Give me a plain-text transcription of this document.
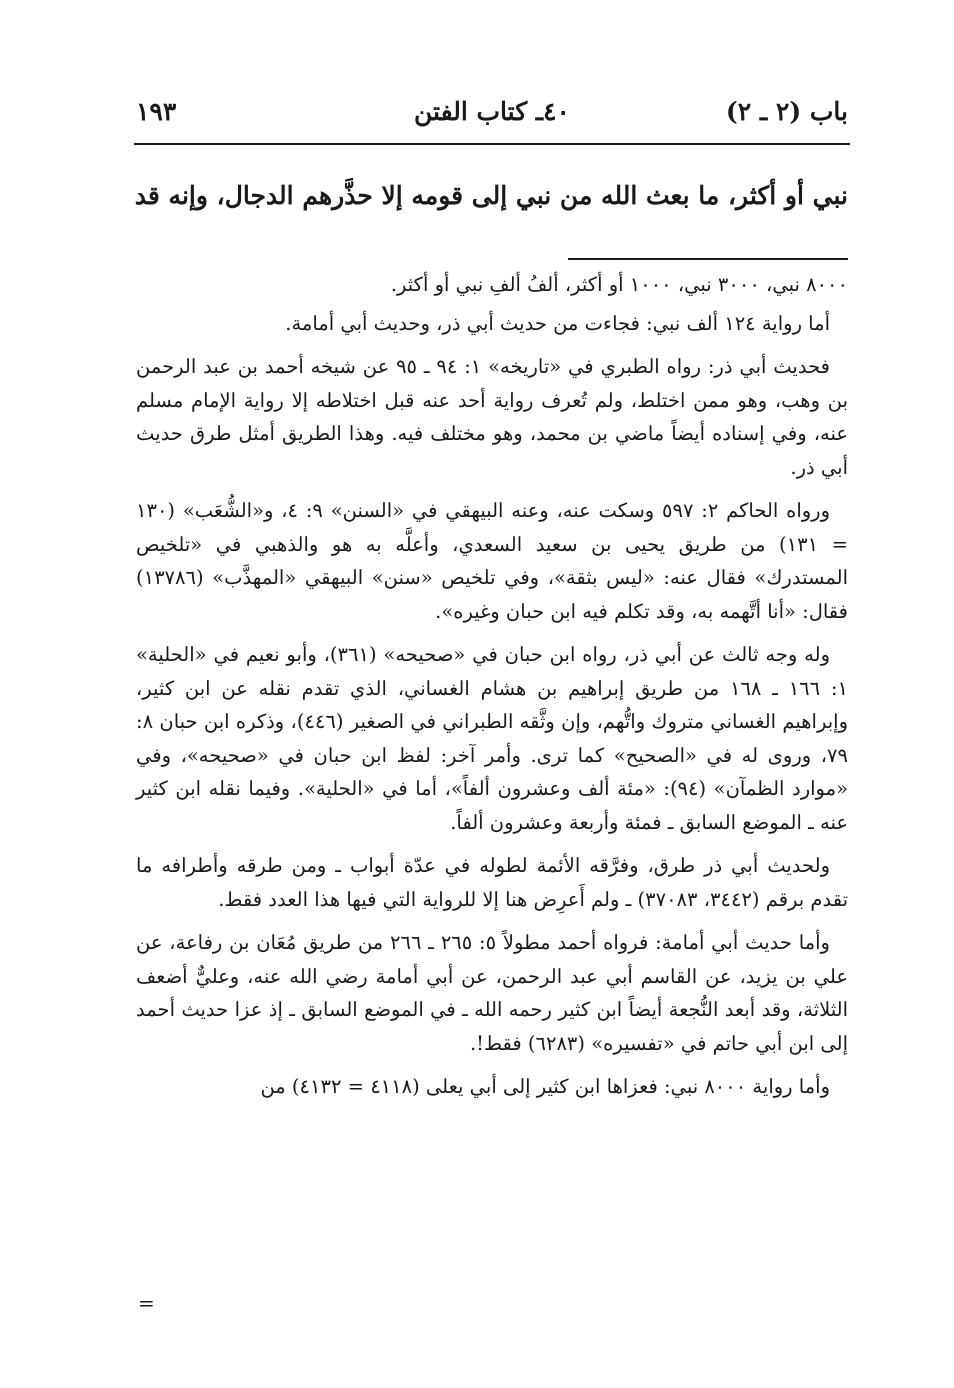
باب (٢ ـ ٢)
٤٠ـ كتاب الفتن
١٩٣
نبي أو أكثر، ما بعث الله من نبي إلى قومه إلا حذَّرهم الدجال، وإنه قد

٨٠٠٠ نبي، ٣٠٠٠ نبي، ١٠٠٠ أو أكثر، ألفُ ألفِ نبي أو أكثر.

أما رواية ١٢٤ ألف نبي: فجاءت من حديث أبي ذر، وحديث أبي أمامة.

فحديث أبي ذر: رواه الطبري في «تاريخه» ١: ٩٤ ـ ٩٥ عن شيخه أحمد بن عبد الرحمن بن وهب، وهو ممن اختلط، ولم تُعرف رواية أحد عنه قبل اختلاطه إلا رواية الإمام مسلم عنه، وفي إسناده أيضاً ماضي بن محمد، وهو مختلف فيه. وهذا الطريق أمثل طرق حديث أبي ذر.

ورواه الحاكم ٢: ٥٩٧ وسكت عنه، وعنه البيهقي في «السنن» ٩: ٤، و«الشُّعَب» (١٣٠ = ١٣١) من طريق يحيى بن سعيد السعدي، وأعلَّه به هو والذهبي في «تلخيص المستدرك» فقال عنه: «ليس بثقة»، وفي تلخيص «سنن» البيهقي «المهذَّب» (١٣٧٨٦) فقال: «أنا أتَّهمه به، وقد تكلم فيه ابن حبان وغيره».

وله وجه ثالث عن أبي ذر، رواه ابن حبان في «صحيحه» (٣٦١)، وأبو نعيم في «الحلية» ١: ١٦٦ ـ ١٦٨ من طريق إبراهيم بن هشام الغساني، الذي تقدم نقله عن ابن كثير، وإبراهيم الغساني متروك واتُّهم، وإن وثَّقه الطبراني في الصغير (٤٤٦)، وذكره ابن حبان ٨: ٧٩، وروى له في «الصحيح» كما ترى. وأمر آخر: لفظ ابن حبان في «صحيحه»، وفي «موارد الظمآن» (٩٤): «مئة ألف وعشرون ألفاً»، أما في «الحلية». وفيما نقله ابن كثير عنه ـ الموضع السابق ـ فمئة وأربعة وعشرون ألفاً.

ولحديث أبي ذر طرق، وفرَّقه الأئمة لطوله في عدّة أبواب ـ ومن طرقه وأطرافه ما تقدم برقم (٣٤٤٢، ٣٧٠٨٣) ـ ولم أَعرِض هنا إلا للرواية التي فيها هذا العدد فقط.

وأما حديث أبي أمامة: فرواه أحمد مطولاً ٥: ٢٦٥ ـ ٢٦٦ من طريق مُعَان بن رفاعة، عن علي بن يزيد، عن القاسم أبي عبد الرحمن، عن أبي أمامة رضي الله عنه، وعليٌّ أضعف الثلاثة، وقد أبعد النُّجعة أيضاً ابن كثير رحمه الله ـ في الموضع السابق ـ إذ عزا حديث أحمد إلى ابن أبي حاتم في «تفسيره» (٦٢٨٣) فقط!.

وأما رواية ٨٠٠٠ نبي: فعزاها ابن كثير إلى أبي يعلى (٤١١٨ = ٤١٣٢) من

=
